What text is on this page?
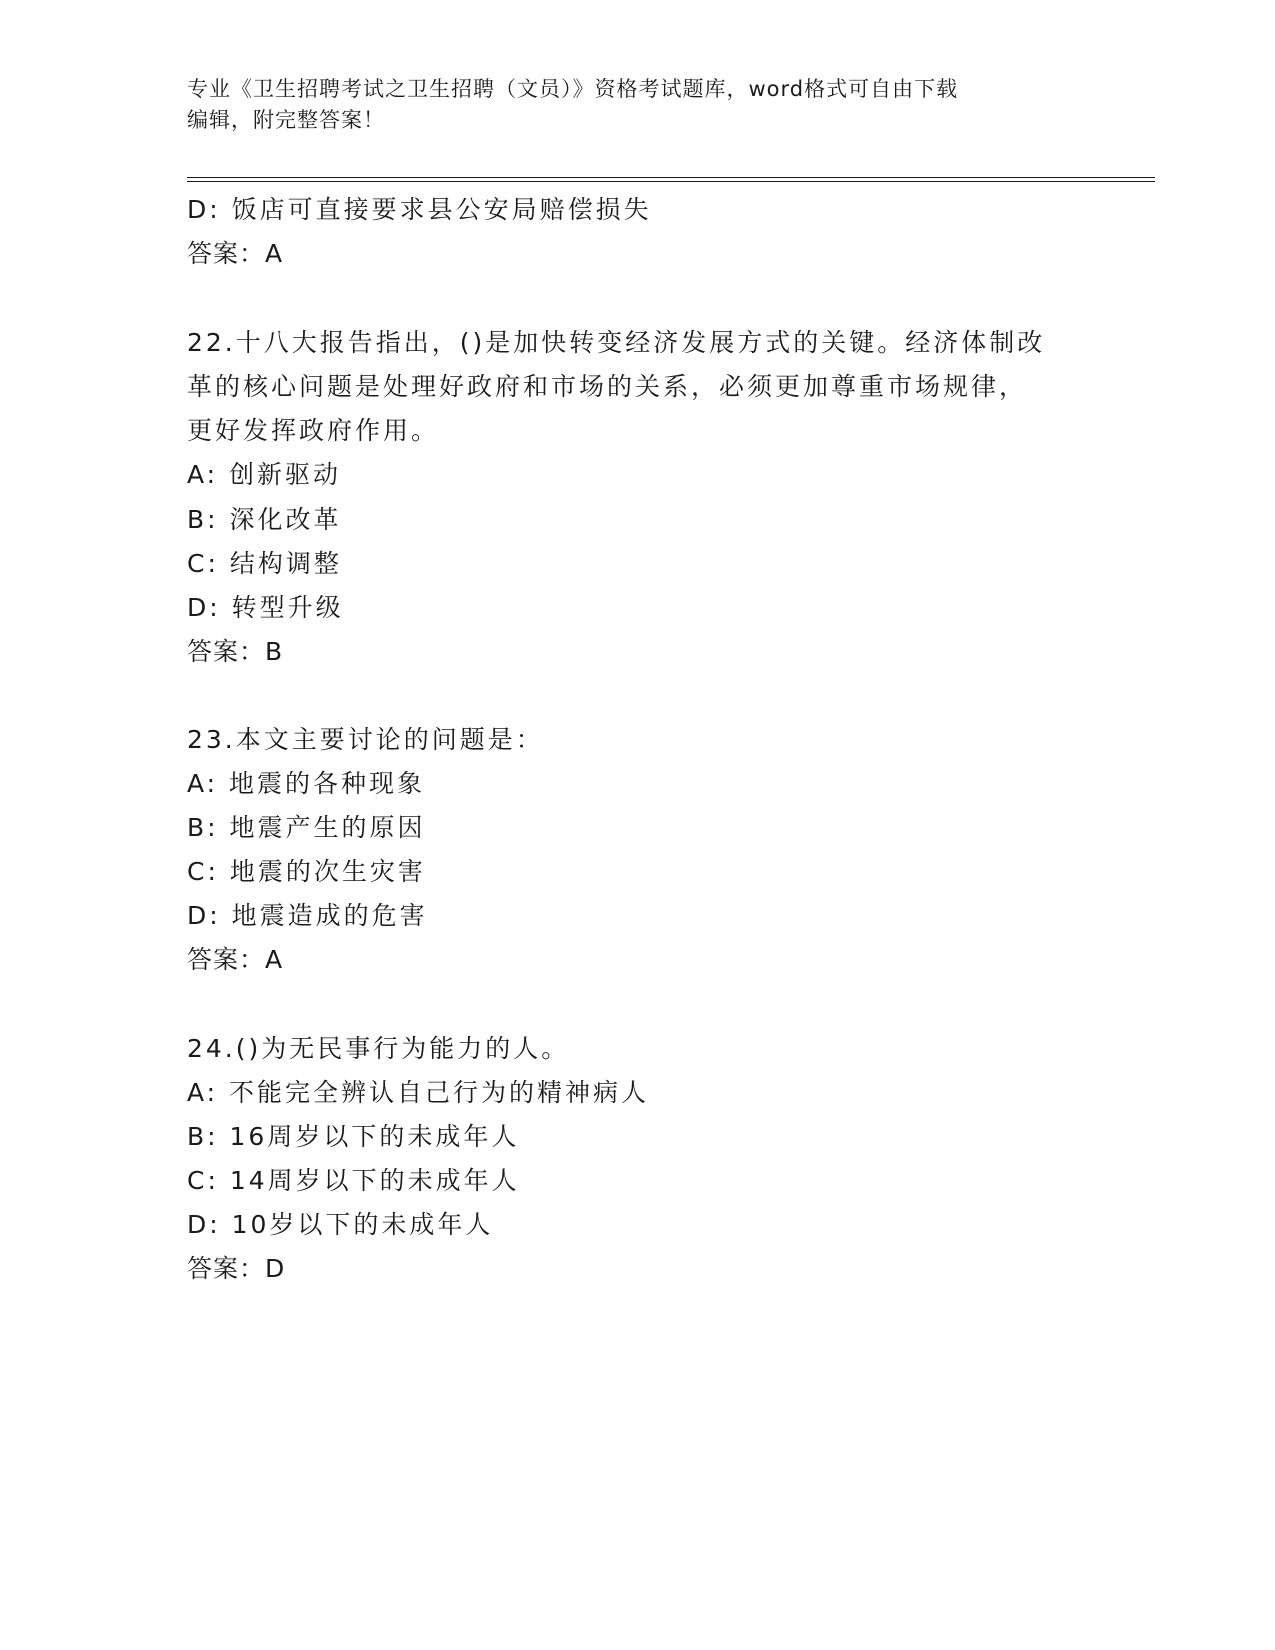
专业《卫生招聘考试之卫生招聘（文员）》资格考试题库，word格式可自由下载
编辑，附完整答案！
D: 饭店可直接要求县公安局赔偿损失
答案：A
22.十八大报告指出，()是加快转变经济发展方式的关键。经济体制改
革的核心问题是处理好政府和市场的关系，必须更加尊重市场规律，
更好发挥政府作用。
A: 创新驱动
B: 深化改革
C: 结构调整
D: 转型升级
答案：B
23.本文主要讨论的问题是：
A: 地震的各种现象
B: 地震产生的原因
C: 地震的次生灾害
D: 地震造成的危害
答案：A
24.()为无民事行为能力的人。
A: 不能完全辨认自己行为的精神病人
B: 16周岁以下的未成年人
C: 14周岁以下的未成年人
D: 10岁以下的未成年人
答案：D
